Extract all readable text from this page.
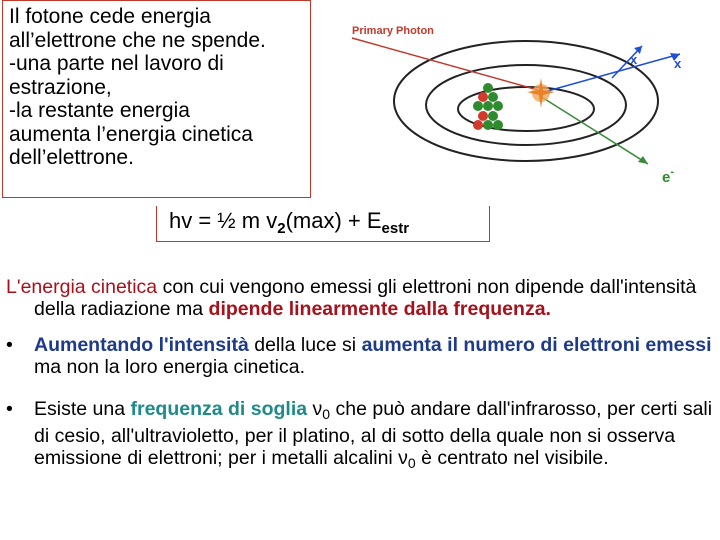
Il fotone cede energia
all’elettrone che ne spende.
-una parte nel lavoro di
estrazione,
-la restante energia
aumenta l’energia cinetica
dell’elettrone.
Primary Photon
x	x
e-
hv = ½ m $v_2(\max) + E_{estr}$

L'energia cinetica con cui vengono emessi gli elettroni non dipende dall'intensità della radiazione ma dipende linearmente dalla frequenza.

• Aumentando l'intensità della luce si aumenta il numero di elettroni emessi ma non la loro energia cinetica.

• Esiste una frequenza di soglia $\nu_0$ che può andare dall'infrarosso, per certi sali di cesio, all'ultravioletto, per il platino, al di sotto della quale non si osserva emissione di elettroni; per i metalli alcalini $\nu_0$ è centrato nel visibile.
